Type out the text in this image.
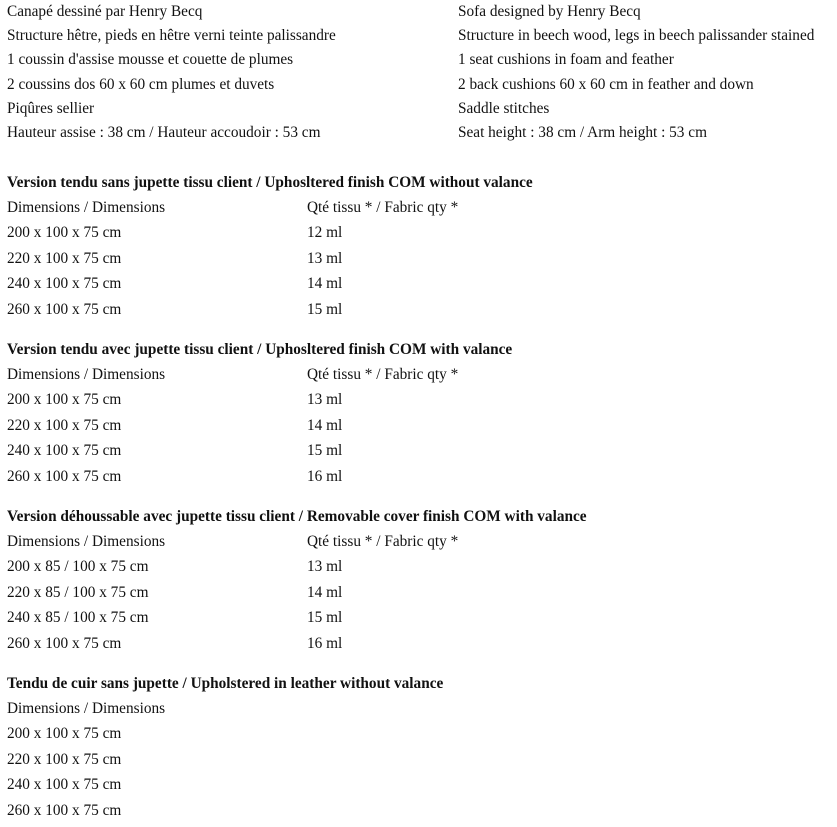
Canapé dessiné par Henry Becq	Sofa designed by Henry Becq
Structure hêtre, pieds en hêtre verni teinte palissandre	Structure in beech wood, legs in beech palissander stained
1 coussin d'assise mousse et couette de plumes	1 seat cushions in foam and feather
2 coussins dos 60 x 60 cm plumes et duvets	2 back cushions 60 x 60 cm in feather and down
Piqûres sellier	Saddle stitches
Hauteur assise : 38 cm / Hauteur accoudoir : 53 cm	Seat height : 38 cm / Arm height : 53 cm
Version tendu sans jupette tissu client / Uphosltered finish COM without valance
Dimensions / Dimensions	Qté tissu * / Fabric qty *
200 x 100 x 75 cm	12 ml
220 x 100 x 75 cm	13 ml
240 x 100 x 75 cm	14 ml
260 x 100 x 75 cm	15 ml
Version tendu avec jupette tissu client / Uphosltered finish COM with valance
Dimensions / Dimensions	Qté tissu * / Fabric qty *
200 x 100 x 75 cm	13 ml
220 x 100 x 75 cm	14 ml
240 x 100 x 75 cm	15 ml
260 x 100 x 75 cm	16 ml
Version déhoussable avec jupette tissu client / Removable cover finish COM with valance
Dimensions / Dimensions	Qté tissu * / Fabric qty *
200 x 85 / 100 x 75 cm	13 ml
220 x 85 / 100 x 75 cm	14 ml
240 x 85 / 100 x 75 cm	15 ml
260 x 100 x 75 cm	16 ml
Tendu de cuir sans jupette / Upholstered in leather without valance
Dimensions / Dimensions
200 x 100 x 75 cm
220 x 100 x 75 cm
240 x 100 x 75 cm
260 x 100 x 75 cm
